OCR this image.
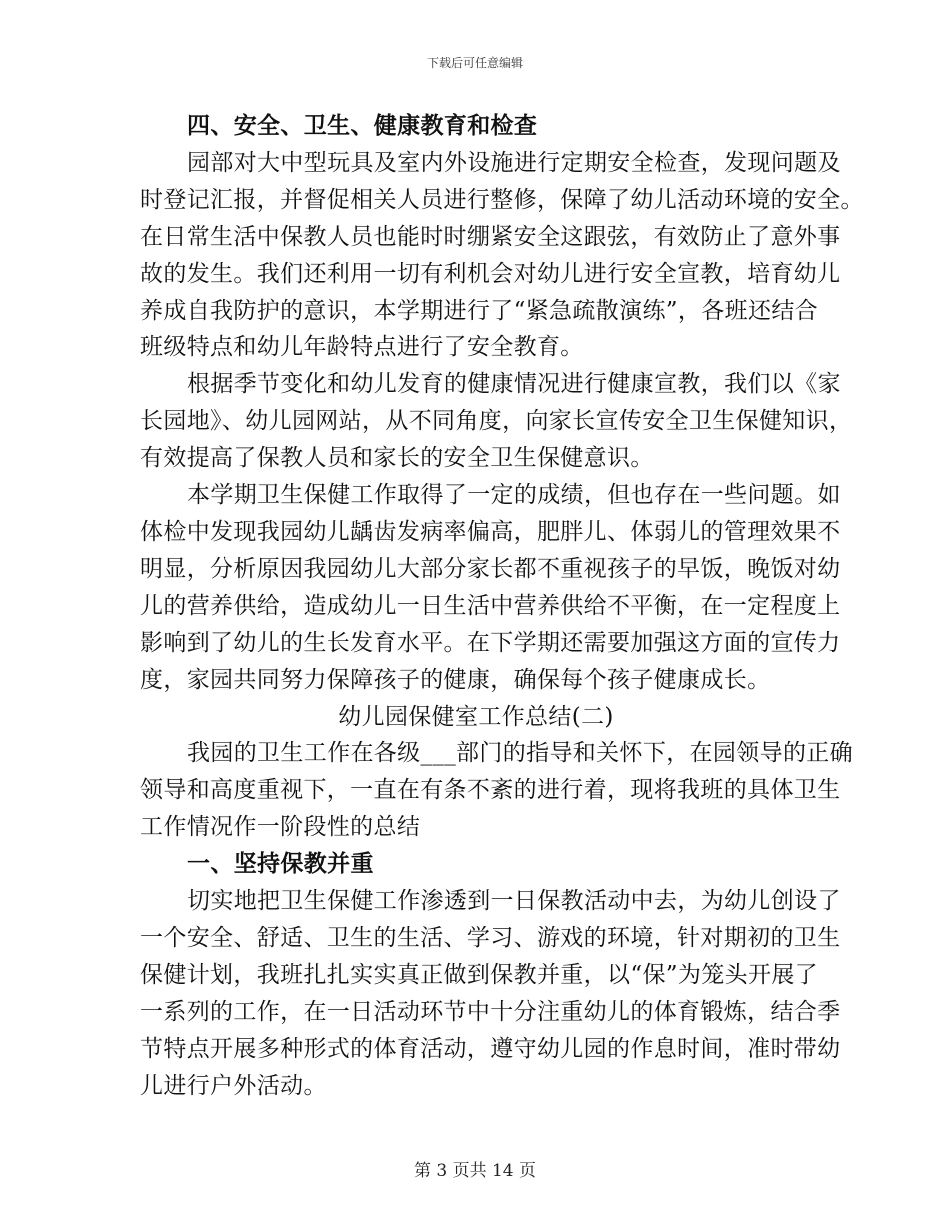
下载后可任意编辑
四、安全、卫生、健康教育和检查
园部对大中型玩具及室内外设施进行定期安全检查，发现问题及
时登记汇报，并督促相关人员进行整修，保障了幼儿活动环境的安全。
在日常生活中保教人员也能时时绷紧安全这跟弦，有效防止了意外事
故的发生。我们还利用一切有利机会对幼儿进行安全宣教，培育幼儿
养成自我防护的意识，本学期进行了“紧急疏散演练”，各班还结合
班级特点和幼儿年龄特点进行了安全教育。
根据季节变化和幼儿发育的健康情况进行健康宣教，我们以《家
长园地》、幼儿园网站，从不同角度，向家长宣传安全卫生保健知识，
有效提高了保教人员和家长的安全卫生保健意识。
本学期卫生保健工作取得了一定的成绩，但也存在一些问题。如
体检中发现我园幼儿龋齿发病率偏高，肥胖儿、体弱儿的管理效果不
明显，分析原因我园幼儿大部分家长都不重视孩子的早饭，晚饭对幼
儿的营养供给，造成幼儿一日生活中营养供给不平衡，在一定程度上
影响到了幼儿的生长发育水平。在下学期还需要加强这方面的宣传力
度，家园共同努力保障孩子的健康，确保每个孩子健康成长。
幼儿园保健室工作总结(二)
我园的卫生工作在各级___部门的指导和关怀下，在园领导的正确
领导和高度重视下，一直在有条不紊的进行着，现将我班的具体卫生
工作情况作一阶段性的总结
一、坚持保教并重
切实地把卫生保健工作渗透到一日保教活动中去，为幼儿创设了
一个安全、舒适、卫生的生活、学习、游戏的环境，针对期初的卫生
保健计划，我班扎扎实实真正做到保教并重，以“保”为笼头开展了
一系列的工作，在一日活动环节中十分注重幼儿的体育锻炼，结合季
节特点开展多种形式的体育活动，遵守幼儿园的作息时间，准时带幼
儿进行户外活动。
第 3 页共 14 页
